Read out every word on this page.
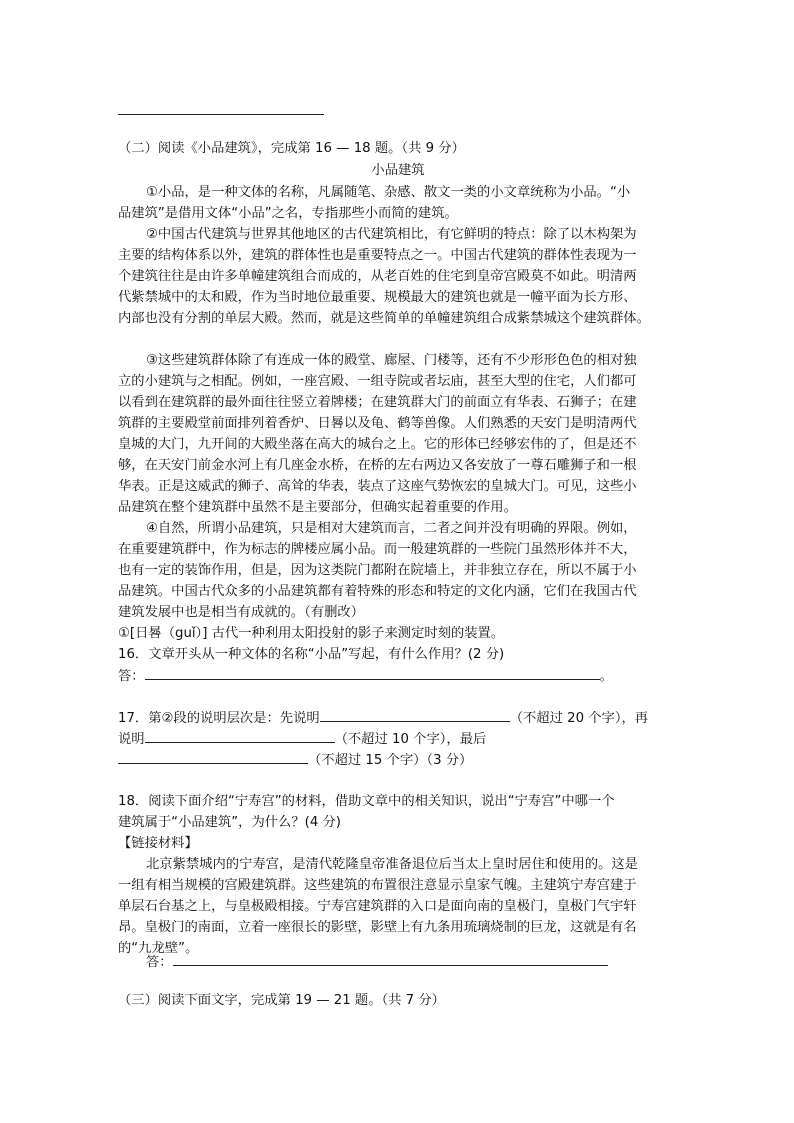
（二）阅读《小品建筑》，完成第 16 — 18 题。（共 9 分）
小品建筑
①小品，是一种文体的名称，凡属随笔、杂感、散文一类的小文章统称为小品。“小
品建筑”是借用文体“小品”之名，专指那些小而简的建筑。
②中国古代建筑与世界其他地区的古代建筑相比，有它鲜明的特点：除了以木构架为
主要的结构体系以外，建筑的群体性也是重要特点之一。中国古代建筑的群体性表现为一
个建筑往往是由许多单幢建筑组合而成的，从老百姓的住宅到皇帝宫殿莫不如此。明清两
代紫禁城中的太和殿，作为当时地位最重要、规模最大的建筑也就是一幢平面为长方形、
内部也没有分割的单层大殿。然而，就是这些简单的单幢建筑组合成紫禁城这个建筑群体。
③这些建筑群体除了有连成一体的殿堂、廊屋、门楼等，还有不少形形色色的相对独
立的小建筑与之相配。例如，一座宫殿、一组寺院或者坛庙，甚至大型的住宅，人们都可
以看到在建筑群的最外面往往竖立着牌楼；在建筑群大门的前面立有华表、石狮子；在建
筑群的主要殿堂前面排列着香炉、日晷以及龟、鹤等兽像。人们熟悉的天安门是明清两代
皇城的大门，九开间的大殿坐落在高大的城台之上。它的形体已经够宏伟的了，但是还不
够，在天安门前金水河上有几座金水桥，在桥的左右两边又各安放了一尊石雕狮子和一根
华表。正是这威武的狮子、高耸的华表，装点了这座气势恢宏的皇城大门。可见，这些小
品建筑在整个建筑群中虽然不是主要部分，但确实起着重要的作用。
④自然，所谓小品建筑，只是相对大建筑而言，二者之间并没有明确的界限。例如，
在重要建筑群中，作为标志的牌楼应属小品。而一般建筑群的一些院门虽然形体并不大，
也有一定的装饰作用，但是，因为这类院门都附在院墙上，并非独立存在，所以不属于小
品建筑。中国古代众多的小品建筑都有着特殊的形态和特定的文化内涵，它们在我国古代
建筑发展中也是相当有成就的。（有删改）
①[日晷（guǐ）] 古代一种利用太阳投射的影子来测定时刻的装置。
16．文章开头从一种文体的名称“小品”写起，有什么作用？(2 分)
答：	。
17．第②段的说明层次是：先说明	（不超过 20 个字），再
说明	（不超过 10 个字），最后
（不超过 15 个字）（3 分）
18．阅读下面介绍“宁寿宫”的材料，借助文章中的相关知识，说出“宁寿宫”中哪一个
建筑属于“小品建筑”，为什么？(4 分)
【链接材料】
北京紫禁城内的宁寿宫，是清代乾隆皇帝准备退位后当太上皇时居住和使用的。这是
一组有相当规模的宫殿建筑群。这些建筑的布置很注意显示皇家气魄。主建筑宁寿宫建于
单层石台基之上，与皇极殿相接。宁寿宫建筑群的入口是面向南的皇极门，皇极门气宇轩
昂。皇极门的南面，立着一座很长的影壁，影壁上有九条用琉璃烧制的巨龙，这就是有名
的“九龙壁”。
答：
（三）阅读下面文字，完成第 19 — 21 题。（共 7 分）
